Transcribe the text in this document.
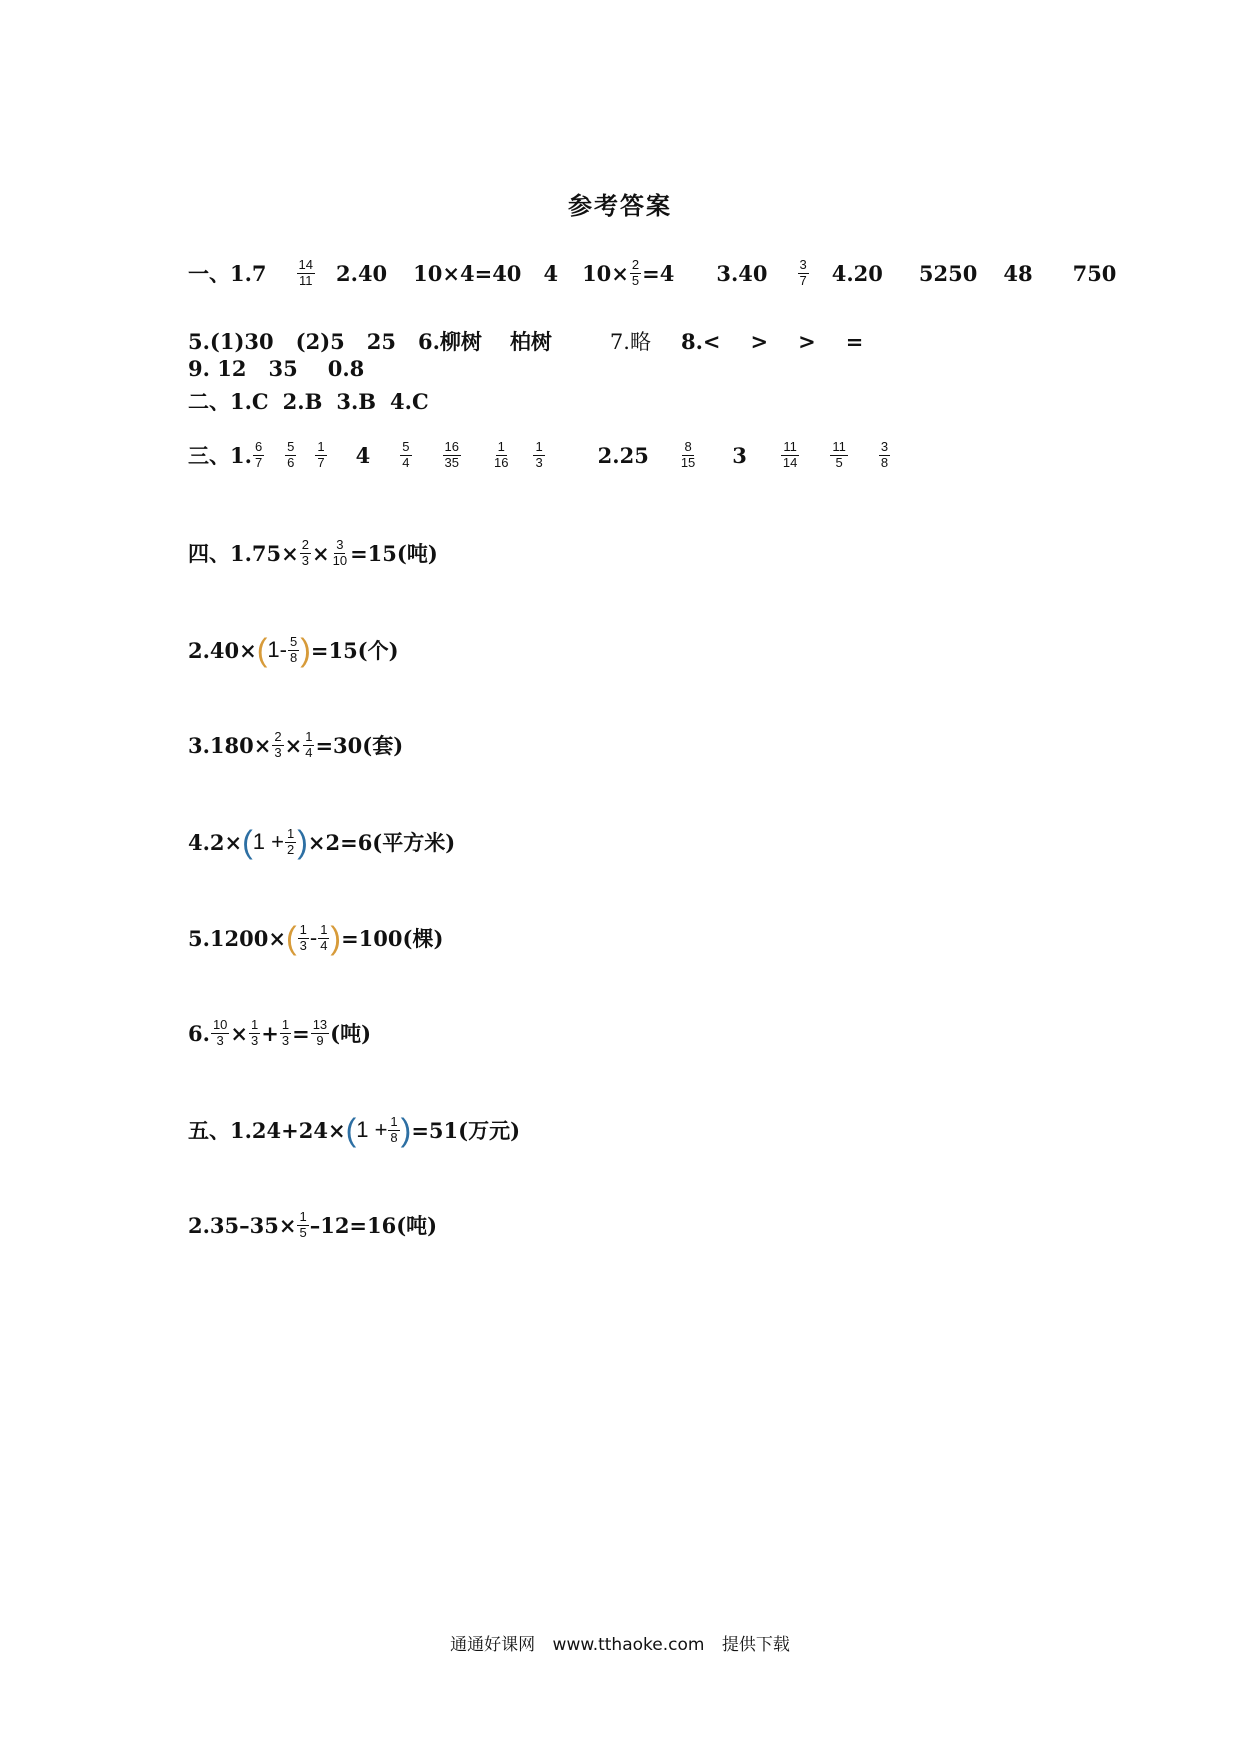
参考答案
一、$1.7 \frac{14}{11} 2.40$ 10×4=40 4 $10\times \frac{2}{5} =4$ $3.40 \frac{3}{7} 4.20$ 5250 48 750
5.(1)30 (2)5 25 6.柳树 柏树	7.略 8.< > > =
9. 12 35 0.8
二、1.C 2.B 3.B 4.C
三、1. $\frac{6}{7} \frac{5}{6} \frac{1}{7} 4 \frac{5}{4} \frac{16}{35} \frac{1}{16} \frac{1}{3}$	$2.25 \frac{8}{15} 3$	$\frac{11}{14} \frac{11}{5} \frac{3}{8}$
四、$1.75\times \frac{2}{3} \times \frac{3}{10} =15$(吨)
2.40× ( $1- \frac{5}{8}$ ) =15(个)
$3.180\times \frac{2}{3} \times \frac{1}{4} =30$(套)
4.2× ( $1 + \frac{1}{2}$ ) ×2=6(平方米)
5.1200× ( $\frac{1}{3} - \frac{1}{4}$ ) =100(棵)
6. $\frac{10}{3} \times \frac{1}{3} + \frac{1}{3} = \frac{13}{9}$ (吨)
五、1.24+24× ( $1 + \frac{1}{8}$ ) =51(万元)
$2.35-35\times \frac{1}{5} -12=16$(吨)
通通好课网 www.tthaoke.com 提供下载
